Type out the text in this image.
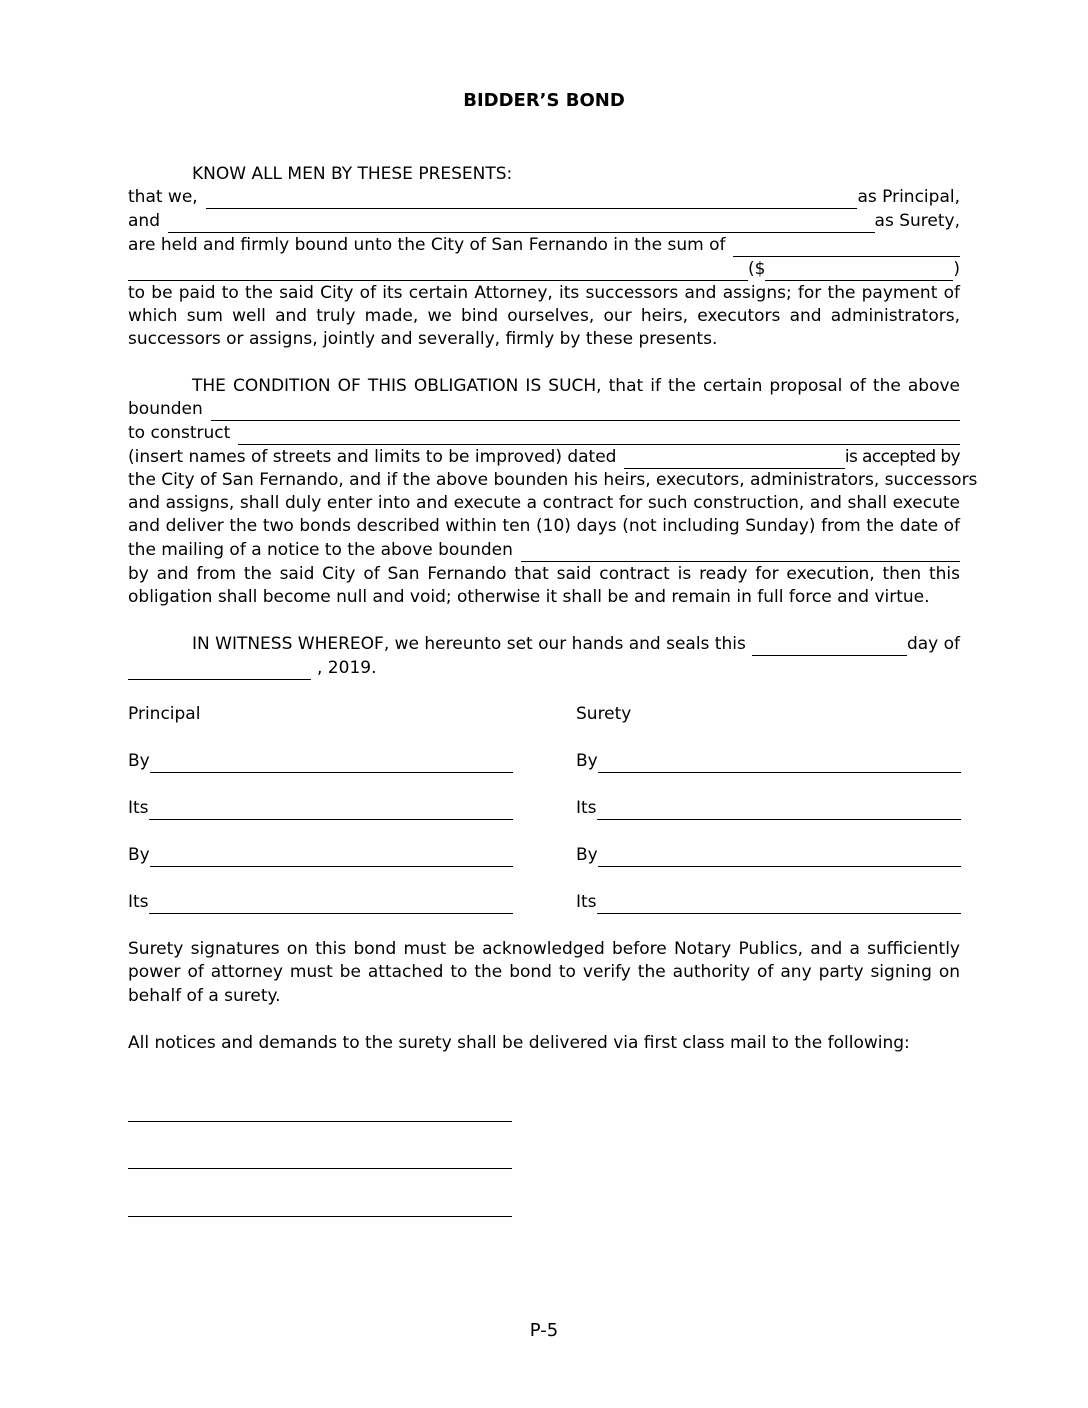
BIDDER’S BOND
KNOW ALL MEN BY THESE PRESENTS:
that we,	as Principal,
and	as Surety,
are held and firmly bound unto the City of San Fernando in the sum of
($	)
to be paid to the said City of its certain Attorney, its successors and assigns; for the payment of
which sum well and truly made, we bind ourselves, our heirs, executors and administrators,
successors or assigns, jointly and severally, firmly by these presents.
THE CONDITION OF THIS OBLIGATION IS SUCH, that if the certain proposal of the above
bounden
to construct
(insert names of streets and limits to be improved) dated	is accepted by
the City of San Fernando, and if the above bounden his heirs, executors, administrators, successors
and assigns, shall duly enter into and execute a contract for such construction, and shall execute
and deliver the two bonds described within ten (10) days (not including Sunday) from the date of
the mailing of a notice to the above bounden
by and from the said City of San Fernando that said contract is ready for execution, then this
obligation shall become null and void; otherwise it shall be and remain in full force and virtue.
IN WITNESS WHEREOF, we hereunto set our hands and seals this	day of
, 2019.
Principal
By
Its
By
Its
Surety
By
Its
By
Its
Surety signatures on this bond must be acknowledged before Notary Publics, and a sufficiently
power of attorney must be attached to the bond to verify the authority of any party signing on
behalf of a surety.
All notices and demands to the surety shall be delivered via first class mail to the following:
P-5
